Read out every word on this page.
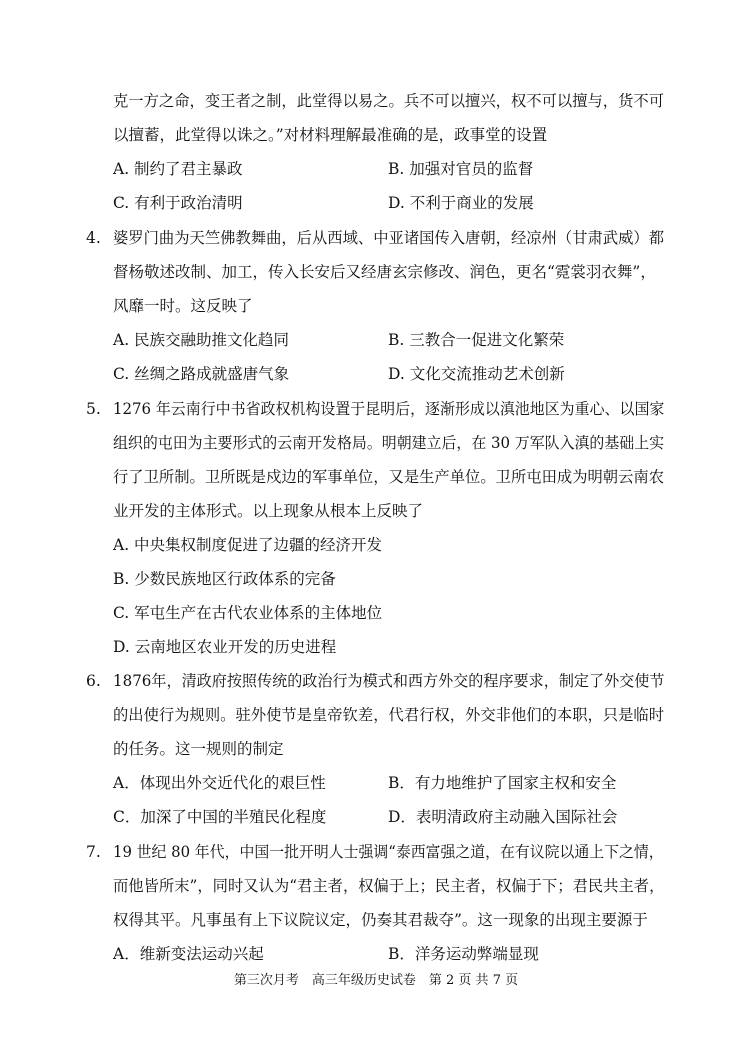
克一方之命，变王者之制，此堂得以易之。兵不可以擅兴，权不可以擅与，货不可
以擅蓄，此堂得以诛之。”对材料理解最准确的是，政事堂的设置
A. 制约了君主暴政	B. 加强对官员的监督
C. 有利于政治清明	D. 不利于商业的发展
4. 婆罗门曲为天竺佛教舞曲，后从西域、中亚诸国传入唐朝，经凉州（甘肃武威）都
督杨敬述改制、加工，传入长安后又经唐玄宗修改、润色，更名“霓裳羽衣舞”，
风靡一时。这反映了
A. 民族交融助推文化趋同	B. 三教合一促进文化繁荣
C. 丝绸之路成就盛唐气象	D. 文化交流推动艺术创新
5. 1276 年云南行中书省政权机构设置于昆明后，逐渐形成以滇池地区为重心、以国家
组织的屯田为主要形式的云南开发格局。明朝建立后，在 30 万军队入滇的基础上实
行了卫所制。卫所既是戍边的军事单位，又是生产单位。卫所屯田成为明朝云南农
业开发的主体形式。以上现象从根本上反映了
A. 中央集权制度促进了边疆的经济开发
B. 少数民族地区行政体系的完备
C. 军屯生产在古代农业体系的主体地位
D. 云南地区农业开发的历史进程
6. 1876年，清政府按照传统的政治行为模式和西方外交的程序要求，制定了外交使节
的出使行为规则。驻外使节是皇帝钦差，代君行权，外交非他们的本职，只是临时
的任务。这一规则的制定
A．体现出外交近代化的艰巨性	B．有力地维护了国家主权和安全
C．加深了中国的半殖民化程度	D．表明清政府主动融入国际社会
7. 19 世纪 80 年代，中国一批开明人士强调“泰西富强之道，在有议院以通上下之情，
而他皆所末”，同时又认为“君主者，权偏于上；民主者，权偏于下；君民共主者，
权得其平。凡事虽有上下议院议定，仍奏其君裁夺”。这一现象的出现主要源于
A．维新变法运动兴起	B．洋务运动弊端显现
第三次月考　高三年级历史试卷　第 2 页 共 7 页
